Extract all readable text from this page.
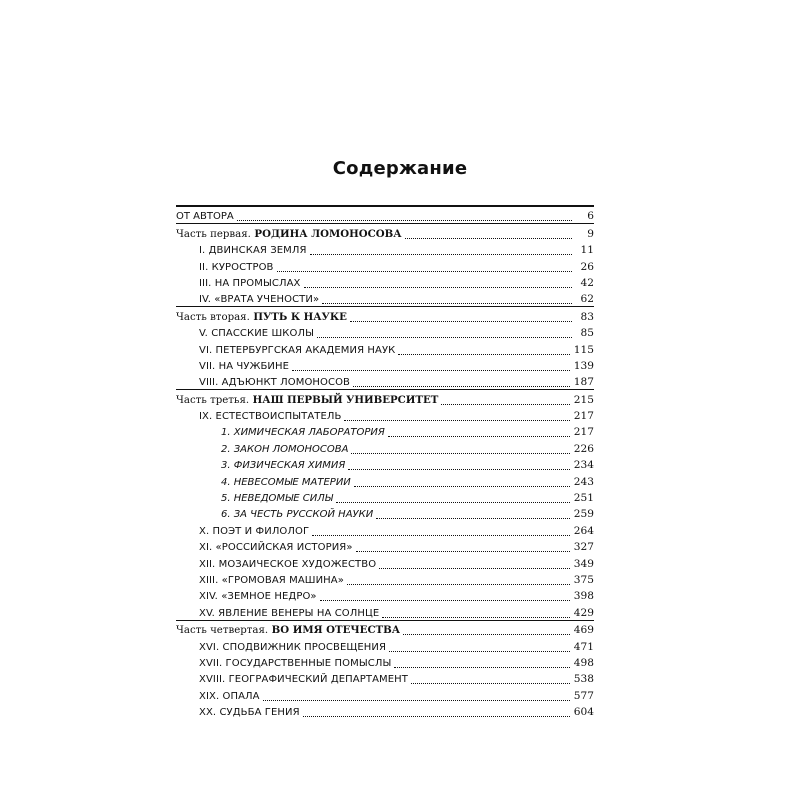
Содержание
ОТ АВТОРА	6
Часть первая. РОДИНА ЛОМОНОСОВА	9
I. ДВИНСКАЯ ЗЕМЛЯ	11
II. КУРОСТРОВ	26
III. НА ПРОМЫСЛАХ	42
IV. «ВРАТА УЧЕНОСТИ»	62
Часть вторая. ПУТЬ К НАУКЕ	83
V. СПАССКИЕ ШКОЛЫ	85
VI. ПЕТЕРБУРГСКАЯ АКАДЕМИЯ НАУК	115
VII. НА ЧУЖБИНЕ	139
VIII. АДЪЮНКТ ЛОМОНОСОВ	187
Часть третья. НАШ ПЕРВЫЙ УНИВЕРСИТЕТ	215
IX. ЕСТЕСТВОИСПЫТАТЕЛЬ	217
1. ХИМИЧЕСКАЯ ЛАБОРАТОРИЯ	217
2. ЗАКОН ЛОМОНОСОВА	226
3. ФИЗИЧЕСКАЯ ХИМИЯ	234
4. НЕВЕСОМЫЕ МАТЕРИИ	243
5. НЕВЕДОМЫЕ СИЛЫ	251
6. ЗА ЧЕСТЬ РУССКОЙ НАУКИ	259
X. ПОЭТ И ФИЛОЛОГ	264
XI. «РОССИЙСКАЯ ИСТОРИЯ»	327
XII. МОЗАИЧЕСКОЕ ХУДОЖЕСТВО	349
XIII. «ГРОМОВАЯ МАШИНА»	375
XIV. «ЗЕМНОЕ НЕДРО»	398
XV. ЯВЛЕНИЕ ВЕНЕРЫ НА СОЛНЦЕ	429
Часть четвертая. ВО ИМЯ ОТЕЧЕСТВА	469
XVI. СПОДВИЖНИК ПРОСВЕЩЕНИЯ	471
XVII. ГОСУДАРСТВЕННЫЕ ПОМЫСЛЫ	498
XVIII. ГЕОГРАФИЧЕСКИЙ ДЕПАРТАМЕНТ	538
XIX. ОПАЛА	577
XX. СУДЬБА ГЕНИЯ	604
